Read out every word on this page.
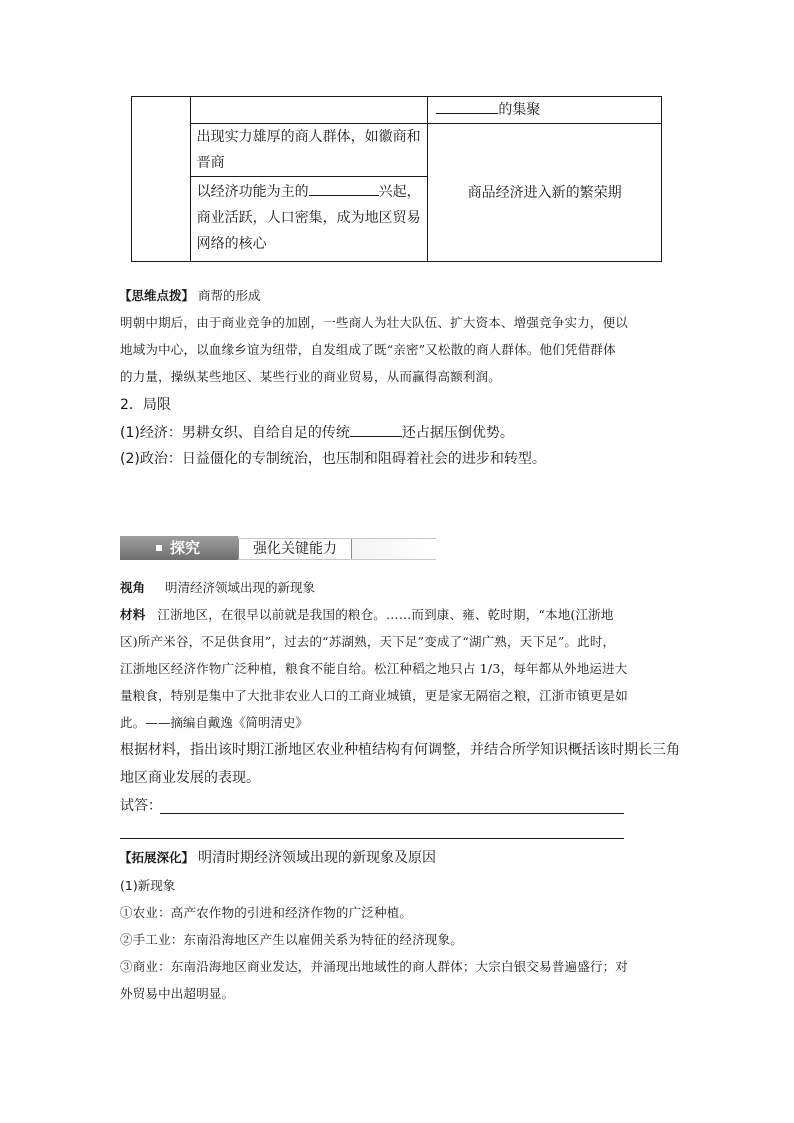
		的集聚

	出现实力雄厚的商人群体，如徽商和
晋商	商品经济进入新的繁荣期

	以经济功能为主的 兴起，
商业活跃，人口密集，成为地区贸易
网络的核心	
【思维点拨】 商帮的形成
明朝中期后，由于商业竞争的加剧，一些商人为壮大队伍、扩大资本、增强竞争实力，便以
地域为中心，以血缘乡谊为纽带，自发组成了既“亲密”又松散的商人群体。他们凭借群体
的力量，操纵某些地区、某些行业的商业贸易，从而赢得高额利润。
2．局限
(1)经济：男耕女织、自给自足的传统	还占据压倒优势。
(2)政治：日益僵化的专制统治，也压制和阻碍着社会的进步和转型。
探究	强化关键能力
视角 明清经济领域出现的新现象
材料 江浙地区，在很早以前就是我国的粮仓。……而到康、雍、乾时期，“本地(江浙地
区)所产米谷，不足供食用”，过去的“苏湖熟，天下足”变成了“湖广熟，天下足”。此时，
江浙地区经济作物广泛种植，粮食不能自给。松江种稻之地只占 1/3，每年都从外地运进大
量粮食，特别是集中了大批非农业人口的工商业城镇，更是家无隔宿之粮，江浙市镇更是如
此。——摘编自戴逸《简明清史》
根据材料，指出该时期江浙地区农业种植结构有何调整，并结合所学知识概括该时期长三角
地区商业发展的表现。
试答：
【拓展深化】 明清时期经济领域出现的新现象及原因
(1)新现象
①农业：高产农作物的引进和经济作物的广泛种植。
②手工业：东南沿海地区产生以雇佣关系为特征的经济现象。
③商业：东南沿海地区商业发达，并涌现出地域性的商人群体；大宗白银交易普遍盛行；对
外贸易中出超明显。
